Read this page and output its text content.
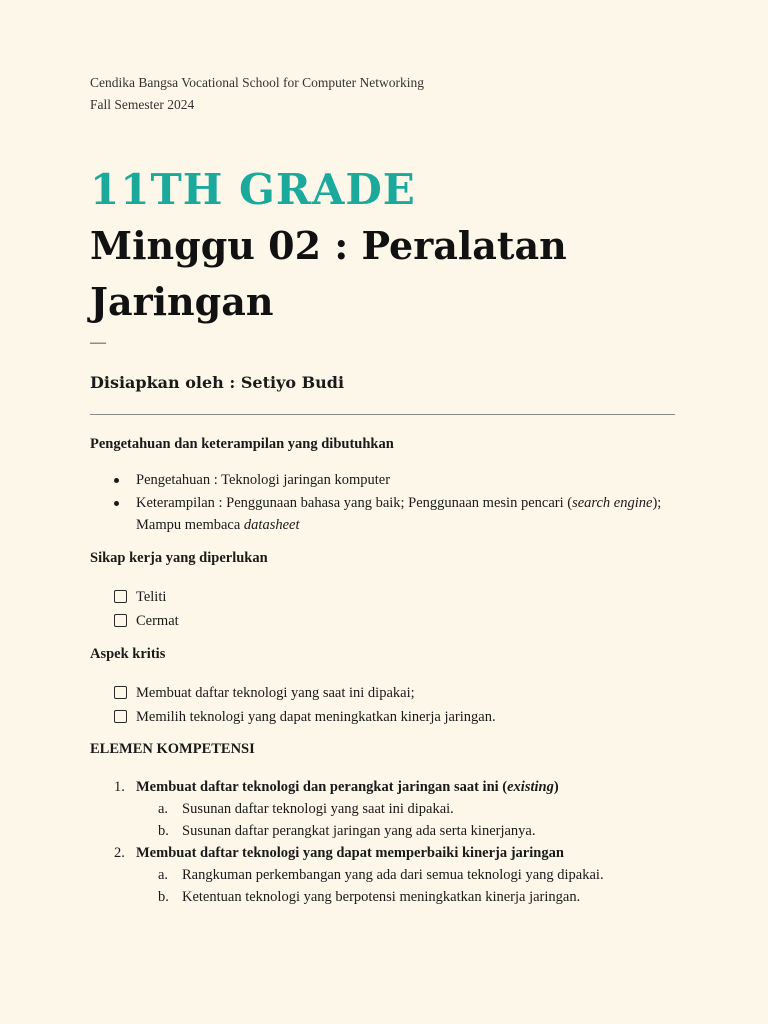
Cendika Bangsa Vocational School for Computer Networking
Fall Semester 2024
11TH GRADE
Minggu 02 : Peralatan Jaringan
—
Disiapkan oleh : Setiyo Budi
Pengetahuan dan keterampilan yang dibutuhkan
Pengetahuan : Teknologi jaringan komputer
Keterampilan : Penggunaan bahasa yang baik; Penggunaan mesin pencari (search engine); Mampu membaca datasheet
Sikap kerja yang diperlukan
Teliti
Cermat
Aspek kritis
Membuat daftar teknologi yang saat ini dipakai;
Memilih teknologi yang dapat meningkatkan kinerja jaringan.
ELEMEN KOMPETENSI
1. Membuat daftar teknologi dan perangkat jaringan saat ini (existing)
a. Susunan daftar teknologi yang saat ini dipakai.
b. Susunan daftar perangkat jaringan yang ada serta kinerjanya.
2. Membuat daftar teknologi yang dapat memperbaiki kinerja jaringan
a. Rangkuman perkembangan yang ada dari semua teknologi yang dipakai.
b. Ketentuan teknologi yang berpotensi meningkatkan kinerja jaringan.
